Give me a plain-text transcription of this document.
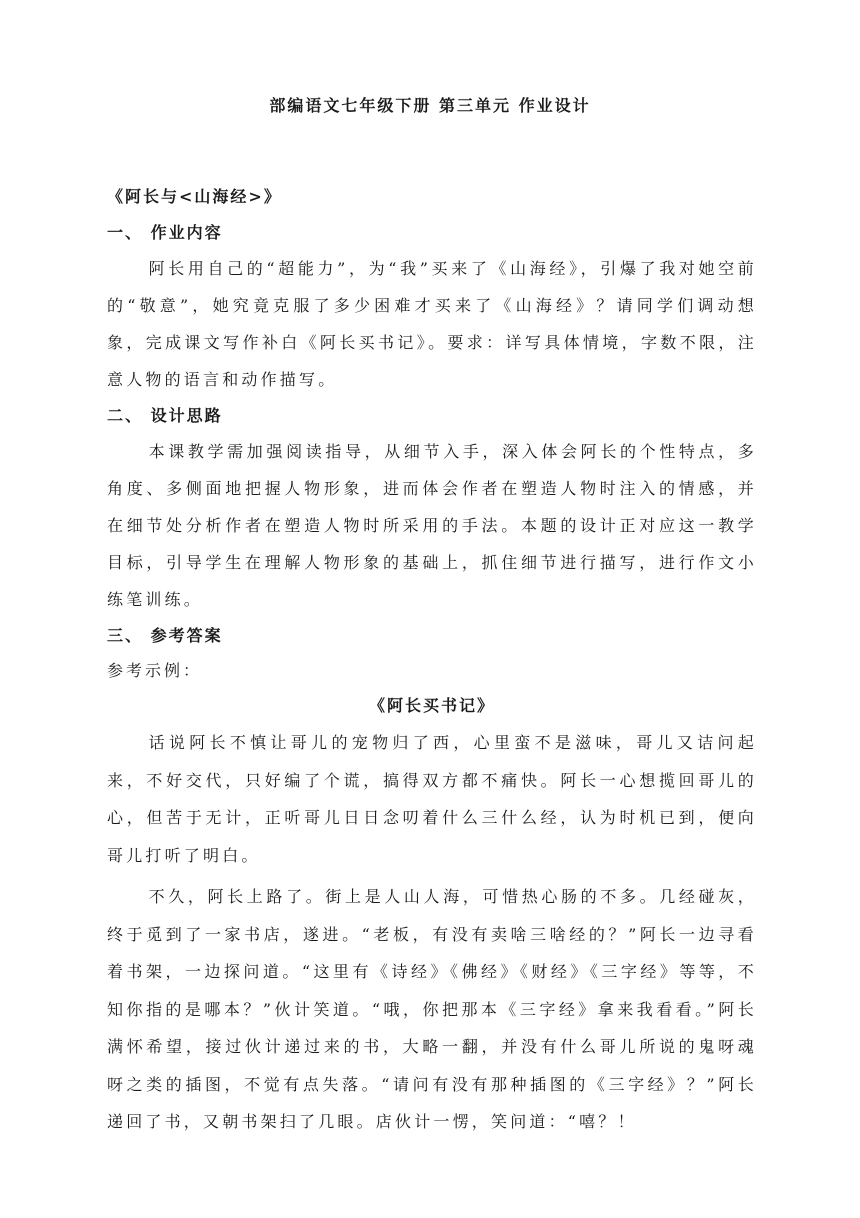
部编语文七年级下册 第三单元 作业设计
《阿长与<山海经>》
一、 作业内容

阿长用自己的“超能力”，为“我”买来了《山海经》，引爆了我对她空前的“敬意”，她究竟克服了多少困难才买来了《山海经》？请同学们调动想象，完成课文写作补白《阿长买书记》。要求：详写具体情境，字数不限，注意人物的语言和动作描写。

二、 设计思路

本课教学需加强阅读指导，从细节入手，深入体会阿长的个性特点，多角度、多侧面地把握人物形象，进而体会作者在塑造人物时注入的情感，并在细节处分析作者在塑造人物时所采用的手法。本题的设计正对应这一教学目标，引导学生在理解人物形象的基础上，抓住细节进行描写，进行作文小练笔训练。

三、 参考答案
参考示例：
《阿长买书记》

话说阿长不慎让哥儿的宠物归了西，心里蛮不是滋味，哥儿又诘问起来，不好交代，只好编了个谎，搞得双方都不痛快。阿长一心想揽回哥儿的心，但苦于无计，正听哥儿日日念叨着什么三什么经，认为时机已到，便向哥儿打听了明白。

不久，阿长上路了。街上是人山人海，可惜热心肠的不多。几经碰灰，终于觅到了一家书店，遂进。“老板，有没有卖啥三啥经的？”阿长一边寻看着书架，一边探问道。“这里有《诗经》《佛经》《财经》《三字经》等等，不知你指的是哪本？”伙计笑道。“哦，你把那本《三字经》拿来我看看。”阿长满怀希望，接过伙计递过来的书，大略一翻，并没有什么哥儿所说的鬼呀魂呀之类的插图，不觉有点失落。“请问有没有那种插图的《三字经》？”阿长递回了书，又朝书架扫了几眼。店伙计一愣，笑问道：“嘻？！
